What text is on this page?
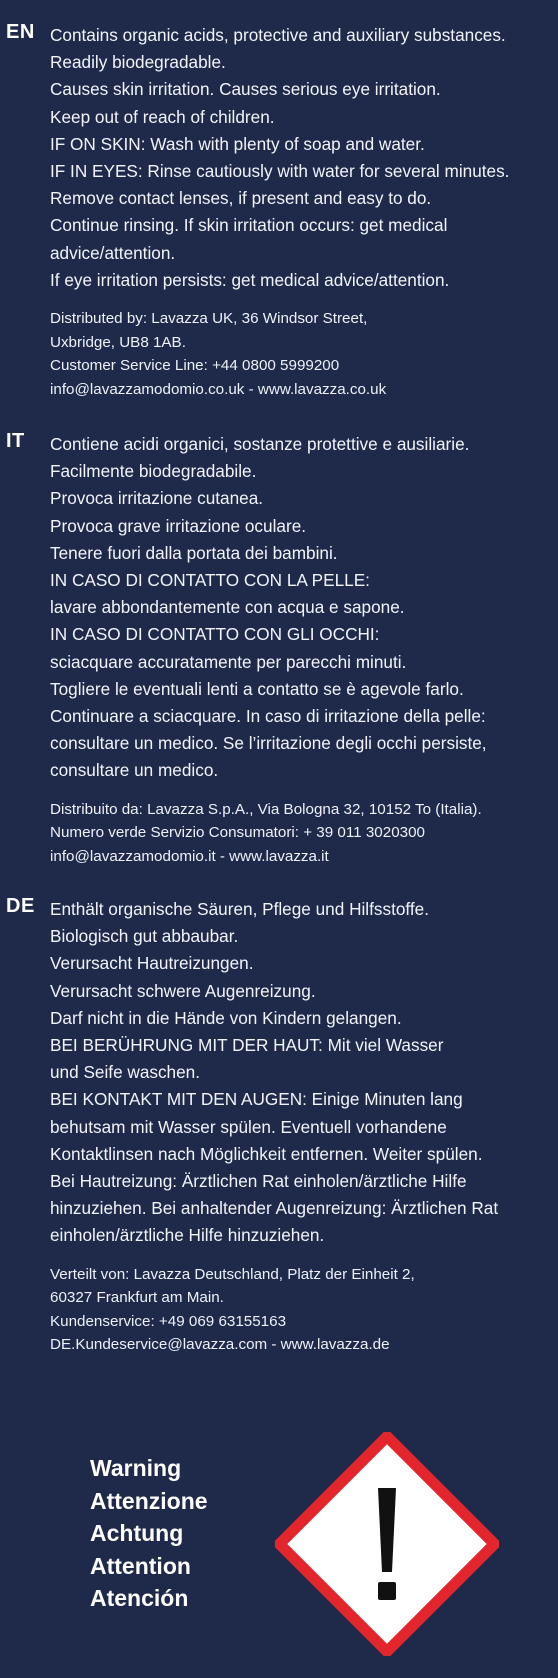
EN Contains organic acids, protective and auxiliary substances.
Readily biodegradable.
Causes skin irritation. Causes serious eye irritation.
Keep out of reach of children.
IF ON SKIN: Wash with plenty of soap and water.
IF IN EYES: Rinse cautiously with water for several minutes.
Remove contact lenses, if present and easy to do.
Continue rinsing. If skin irritation occurs: get medical
advice/attention.
If eye irritation persists: get medical advice/attention.
Distributed by: Lavazza UK, 36 Windsor Street,
Uxbridge, UB8 1AB.
Customer Service Line: +44 0800 5999200
info@lavazzamodomio.co.uk - www.lavazza.co.uk
IT Contiene acidi organici, sostanze protettive e ausiliarie.
Facilmente biodegradabile.
Provoca irritazione cutanea.
Provoca grave irritazione oculare.
Tenere fuori dalla portata dei bambini.
IN CASO DI CONTATTO CON LA PELLE:
lavare abbondantemente con acqua e sapone.
IN CASO DI CONTATTO CON GLI OCCHI:
sciacquare accuratamente per parecchi minuti.
Togliere le eventuali lenti a contatto se è agevole farlo.
Continuare a sciacquare. In caso di irritazione della pelle:
consultare un medico. Se l’irritazione degli occhi persiste,
consultare un medico.
Distribuito da: Lavazza S.p.A., Via Bologna 32, 10152 To (Italia).
Numero verde Servizio Consumatori: + 39 011 3020300
info@lavazzamodomio.it - www.lavazza.it
DE Enthält organische Säuren, Pflege und Hilfsstoffe.
Biologisch gut abbaubar.
Verursacht Hautreizungen.
Verursacht schwere Augenreizung.
Darf nicht in die Hände von Kindern gelangen.
BEI BERÜHRUNG MIT DER HAUT: Mit viel Wasser
und Seife waschen.
BEI KONTAKT MIT DEN AUGEN: Einige Minuten lang
behutsam mit Wasser spülen. Eventuell vorhandene
Kontaktlinsen nach Möglichkeit entfernen. Weiter spülen.
Bei Hautreizung: Ärztlichen Rat einholen/ärztliche Hilfe
hinzuziehen. Bei anhaltender Augenreizung: Ärztlichen Rat
einholen/ärztliche Hilfe hinzuziehen.
Verteilt von: Lavazza Deutschland, Platz der Einheit 2,
60327 Frankfurt am Main.
Kundenservice: +49 069 63155163
DE.Kundeservice@lavazza.com - www.lavazza.de
Warning
Attenzione
Achtung
Attention
Atención
